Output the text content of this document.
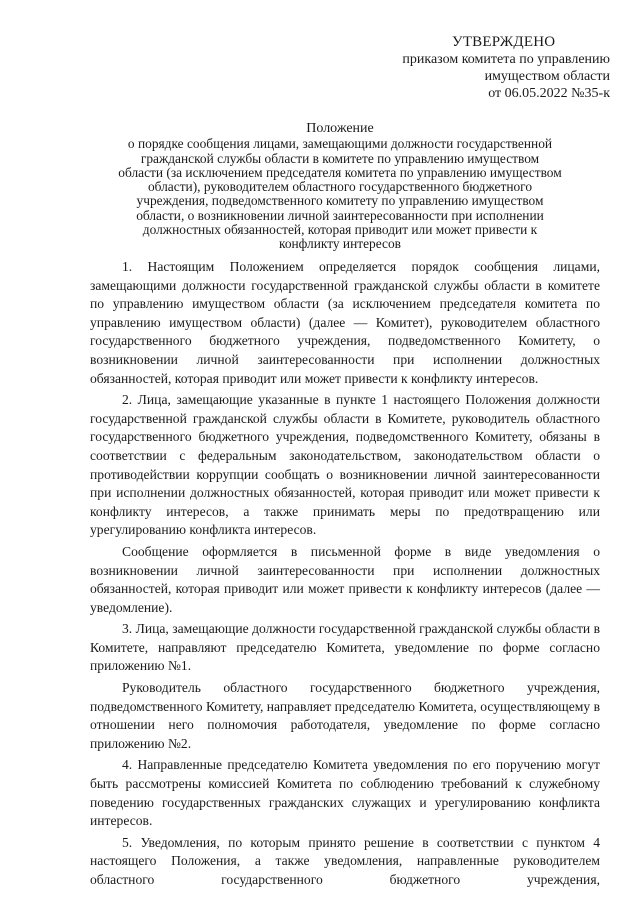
УТВЕРЖДЕНО
приказом комитета по управлению
имуществом области
от 06.05.2022 №35-к
Положение
о порядке сообщения лицами, замещающими должности государственной
гражданской службы области в комитете по управлению имуществом
области (за исключением председателя комитета по управлению имуществом
области), руководителем областного государственного бюджетного
учреждения, подведомственного комитету по управлению имуществом
области, о возникновении личной заинтересованности при исполнении
должностных обязанностей, которая приводит или может привести к
конфликту интересов

1. Настоящим Положением определяется порядок сообщения лицами, замещающими должности государственной гражданской службы области в комитете по управлению имуществом области (за исключением председателя комитета по управлению имуществом области) (далее — Комитет), руководителем областного государственного бюджетного учреждения, подведомственного Комитету, о возникновении личной заинтересованности при исполнении должностных обязанностей, которая приводит или может привести к конфликту интересов.

2. Лица, замещающие указанные в пункте 1 настоящего Положения должности государственной гражданской службы области в Комитете, руководитель областного государственного бюджетного учреждения, подведомственного Комитету, обязаны в соответствии с федеральным законодательством, законодательством области о противодействии коррупции сообщать о возникновении личной заинтересованности при исполнении должностных обязанностей, которая приводит или может привести к конфликту интересов, а также принимать меры по предотвращению или урегулированию конфликта интересов.

Сообщение оформляется в письменной форме в виде уведомления о возникновении личной заинтересованности при исполнении должностных обязанностей, которая приводит или может привести к конфликту интересов (далее — уведомление).

3. Лица, замещающие должности государственной гражданской службы области в Комитете, направляют председателю Комитета, уведомление по форме согласно приложению №1.

Руководитель областного государственного бюджетного учреждения, подведомственного Комитету, направляет председателю Комитета, осуществляющему в отношении него полномочия работодателя, уведомление по форме согласно приложению №2.

4. Направленные председателю Комитета уведомления по его поручению могут быть рассмотрены комиссией Комитета по соблюдению требований к служебному поведению государственных гражданских служащих и урегулированию конфликта интересов.

5. Уведомления, по которым принято решение в соответствии с пунктом 4 настоящего Положения, а также уведомления, направленные руководителем областного государственного бюджетного учреждения,
